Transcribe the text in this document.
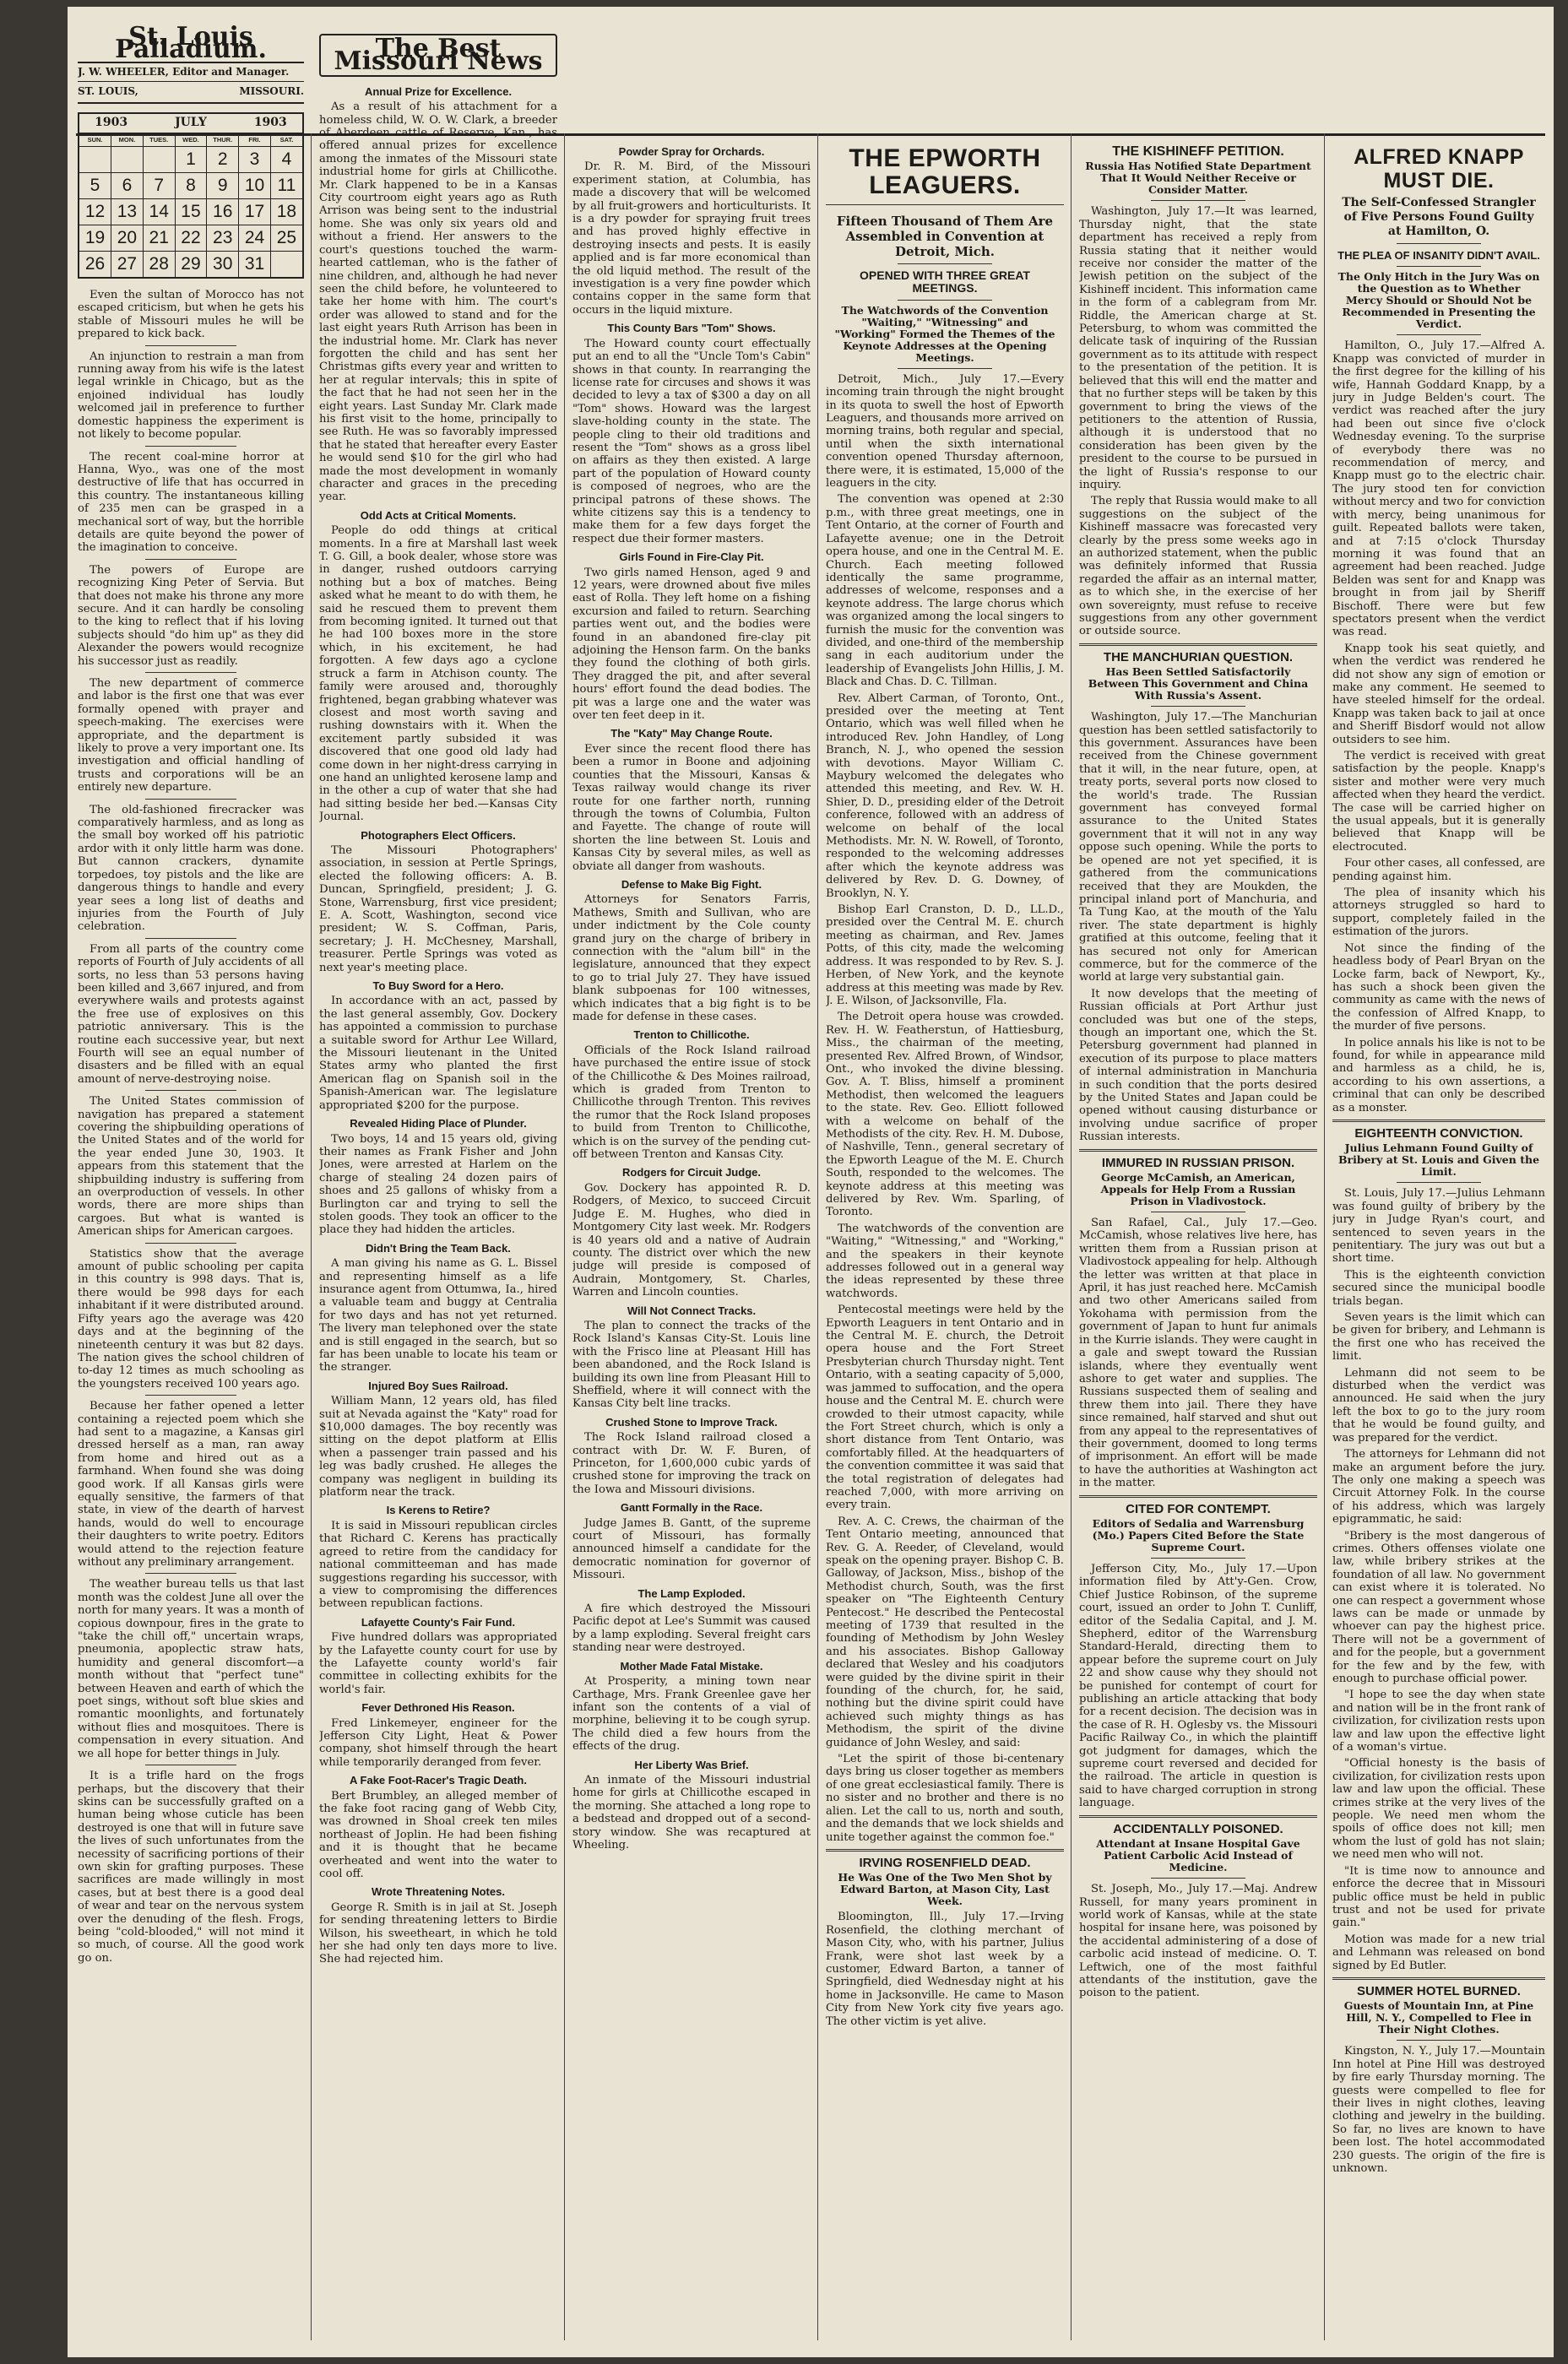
St. Louis Palladium.
J. W. WHEELER, Editor and Manager.
ST. LOUIS,	MISSOURI.
1903		JULY			1903	
SUN.	MON.	TUES.	WED.	THUR.	FRI.	SAT.
			1	2	3	4
5	6	7	8	9	10	11
12	13	14	15	16	17	18
19	20	21	22	23	24	25
26	27	28	29	30	31	

Even the sultan of Morocco has not escaped criticism, but when he gets his stable of Missouri mules he will be prepared to kick back.

An injunction to restrain a man from running away from his wife is the latest legal wrinkle in Chicago, but as the enjoined individual has loudly welcomed jail in preference to further domestic happiness the experiment is not likely to become popular.

The recent coal-mine horror at Hanna, Wyo., was one of the most destructive of life that has occurred in this country. The instantaneous killing of 235 men can be grasped in a mechanical sort of way, but the horrible details are quite beyond the power of the imagination to conceive.

The powers of Europe are recognizing King Peter of Servia. But that does not make his throne any more secure. And it can hardly be consoling to the king to reflect that if his loving subjects should "do him up" as they did Alexander the powers would recognize his successor just as readily.

The new department of commerce and labor is the first one that was ever formally opened with prayer and speech-making. The exercises were appropriate, and the department is likely to prove a very important one. Its investigation and official handling of trusts and corporations will be an entirely new departure.

The old-fashioned firecracker was comparatively harmless, and as long as the small boy worked off his patriotic ardor with it only little harm was done. But cannon crackers, dynamite torpedoes, toy pistols and the like are dangerous things to handle and every year sees a long list of deaths and injuries from the Fourth of July celebration.

From all parts of the country come reports of Fourth of July accidents of all sorts, no less than 53 persons having been killed and 3,667 injured, and from everywhere wails and protests against the free use of explosives on this patriotic anniversary. This is the routine each successive year, but next Fourth will see an equal number of disasters and be filled with an equal amount of nerve-destroying noise.

The United States commission of navigation has prepared a statement covering the shipbuilding operations of the United States and of the world for the year ended June 30, 1903. It appears from this statement that the shipbuilding industry is suffering from an overproduction of vessels. In other words, there are more ships than cargoes. But what is wanted is American ships for American cargoes.

Statistics show that the average amount of public schooling per capita in this country is 998 days. That is, there would be 998 days for each inhabitant if it were distributed around. Fifty years ago the average was 420 days and at the beginning of the nineteenth century it was but 82 days. The nation gives the school children of to-day 12 times as much schooling as the youngsters received 100 years ago.

Because her father opened a letter containing a rejected poem which she had sent to a magazine, a Kansas girl dressed herself as a man, ran away from home and hired out as a farmhand. When found she was doing good work. If all Kansas girls were equally sensitive, the farmers of that state, in view of the dearth of harvest hands, would do well to encourage their daughters to write poetry. Editors would attend to the rejection feature without any preliminary arrangement.

The weather bureau tells us that last month was the coldest June all over the north for many years. It was a month of copious downpour, fires in the grate to "take the chill off," uncertain wraps, pneumonia, apoplectic straw hats, humidity and general discomfort—a month without that "perfect tune" between Heaven and earth of which the poet sings, without soft blue skies and romantic moonlights, and fortunately without flies and mosquitoes. There is compensation in every situation. And we all hope for better things in July.

It is a trifle hard on the frogs perhaps, but the discovery that their skins can be successfully grafted on a human being whose cuticle has been destroyed is one that will in future save the lives of such unfortunates from the necessity of sacrificing portions of their own skin for grafting purposes. These sacrifices are made willingly in most cases, but at best there is a good deal of wear and tear on the nervous system over the denuding of the flesh. Frogs, being "cold-blooded," will not mind it so much, of course. All the good work go on.

The Best Missouri News
Annual Prize for Excellence.

As a result of his attachment for a homeless child, W. O. W. Clark, a breeder of Aberdeen cattle of Reserve, Kan., has offered annual prizes for excellence among the inmates of the Missouri state industrial home for girls at Chillicothe. Mr. Clark happened to be in a Kansas City courtroom eight years ago as Ruth Arrison was being sent to the industrial home. She was only six years old and without a friend. Her answers to the court's questions touched the warm-hearted cattleman, who is the father of nine children, and, although he had never seen the child before, he volunteered to take her home with him. The court's order was allowed to stand and for the last eight years Ruth Arrison has been in the industrial home. Mr. Clark has never forgotten the child and has sent her Christmas gifts every year and written to her at regular intervals; this in spite of the fact that he had not seen her in the eight years. Last Sunday Mr. Clark made his first visit to the home, principally to see Ruth. He was so favorably impressed that he stated that hereafter every Easter he would send $10 for the girl who had made the most development in womanly character and graces in the preceding year.

Odd Acts at Critical Moments.

People do odd things at critical moments. In a fire at Marshall last week T. G. Gill, a book dealer, whose store was in danger, rushed outdoors carrying nothing but a box of matches. Being asked what he meant to do with them, he said he rescued them to prevent them from becoming ignited. It turned out that he had 100 boxes more in the store which, in his excitement, he had forgotten. A few days ago a cyclone struck a farm in Atchison county. The family were aroused and, thoroughly frightened, began grabbing whatever was closest and most worth saving and rushing downstairs with it. When the excitement partly subsided it was discovered that one good old lady had come down in her night-dress carrying in one hand an unlighted kerosene lamp and in the other a cup of water that she had had sitting beside her bed.—Kansas City Journal.

Photographers Elect Officers.

The Missouri Photographers' association, in session at Pertle Springs, elected the following officers: A. B. Duncan, Springfield, president; J. G. Stone, Warrensburg, first vice president; E. A. Scott, Washington, second vice president; W. S. Coffman, Paris, secretary; J. H. McChesney, Marshall, treasurer. Pertle Springs was voted as next year's meeting place.

To Buy Sword for a Hero.

In accordance with an act, passed by the last general assembly, Gov. Dockery has appointed a commission to purchase a suitable sword for Arthur Lee Willard, the Missouri lieutenant in the United States army who planted the first American flag on Spanish soil in the Spanish-American war. The legislature appropriated $200 for the purpose.

Revealed Hiding Place of Plunder.

Two boys, 14 and 15 years old, giving their names as Frank Fisher and John Jones, were arrested at Harlem on the charge of stealing 24 dozen pairs of shoes and 25 gallons of whisky from a Burlington car and trying to sell the stolen goods. They took an officer to the place they had hidden the articles.

Didn't Bring the Team Back.

A man giving his name as G. L. Bissel and representing himself as a life insurance agent from Ottumwa, Ia., hired a valuable team and buggy at Centralia for two days and has not yet returned. The livery man telephoned over the state and is still engaged in the search, but so far has been unable to locate his team or the stranger.

Injured Boy Sues Railroad.

William Mann, 12 years old, has filed suit at Nevada against the "Katy" road for $10,000 damages. The boy recently was sitting on the depot platform at Ellis when a passenger train passed and his leg was badly crushed. He alleges the company was negligent in building its platform near the track.

Is Kerens to Retire?

It is said in Missouri republican circles that Richard C. Kerens has practically agreed to retire from the candidacy for national committeeman and has made suggestions regarding his successor, with a view to compromising the differences between republican factions.

Lafayette County's Fair Fund.

Five hundred dollars was appropriated by the Lafayette county court for use by the Lafayette county world's fair committee in collecting exhibits for the world's fair.

Fever Dethroned His Reason.

Fred Linkemeyer, engineer for the Jefferson City Light, Heat & Power company, shot himself through the heart while temporarily deranged from fever.

A Fake Foot-Racer's Tragic Death.

Bert Brumbley, an alleged member of the fake foot racing gang of Webb City, was drowned in Shoal creek ten miles northeast of Joplin. He had been fishing and it is thought that he became overheated and went into the water to cool off.

Wrote Threatening Notes.

George R. Smith is in jail at St. Joseph for sending threatening letters to Birdie Wilson, his sweetheart, in which he told her she had only ten days more to live. She had rejected him.

Powder Spray for Orchards.

Dr. R. M. Bird, of the Missouri experiment station, at Columbia, has made a discovery that will be welcomed by all fruit-growers and horticulturists. It is a dry powder for spraying fruit trees and has proved highly effective in destroying insects and pests. It is easily applied and is far more economical than the old liquid method. The result of the investigation is a very fine powder which contains copper in the same form that occurs in the liquid mixture.

This County Bars "Tom" Shows.

The Howard county court effectually put an end to all the "Uncle Tom's Cabin" shows in that county. In rearranging the license rate for circuses and shows it was decided to levy a tax of $300 a day on all "Tom" shows. Howard was the largest slave-holding county in the state. The people cling to their old traditions and resent the "Tom" shows as a gross libel on affairs as they then existed. A large part of the population of Howard county is composed of negroes, who are the principal patrons of these shows. The white citizens say this is a tendency to make them for a few days forget the respect due their former masters.

Girls Found in Fire-Clay Pit.

Two girls named Henson, aged 9 and 12 years, were drowned about five miles east of Rolla. They left home on a fishing excursion and failed to return. Searching parties went out, and the bodies were found in an abandoned fire-clay pit adjoining the Henson farm. On the banks they found the clothing of both girls. They dragged the pit, and after several hours' effort found the dead bodies. The pit was a large one and the water was over ten feet deep in it.

The "Katy" May Change Route.

Ever since the recent flood there has been a rumor in Boone and adjoining counties that the Missouri, Kansas & Texas railway would change its river route for one farther north, running through the towns of Columbia, Fulton and Fayette. The change of route will shorten the line between St. Louis and Kansas City by several miles, as well as obviate all danger from washouts.

Defense to Make Big Fight.

Attorneys for Senators Farris, Mathews, Smith and Sullivan, who are under indictment by the Cole county grand jury on the charge of bribery in connection with the "alum bill" in the legislature, announced that they expect to go to trial July 27. They have issued blank subpoenas for 100 witnesses, which indicates that a big fight is to be made for defense in these cases.

Trenton to Chillicothe.

Officials of the Rock Island railroad have purchased the entire issue of stock of the Chillicothe & Des Moines railroad, which is graded from Trenton to Chillicothe through Trenton. This revives the rumor that the Rock Island proposes to build from Trenton to Chillicothe, which is on the survey of the pending cut-off between Trenton and Kansas City.

Rodgers for Circuit Judge.

Gov. Dockery has appointed R. D. Rodgers, of Mexico, to succeed Circuit Judge E. M. Hughes, who died in Montgomery City last week. Mr. Rodgers is 40 years old and a native of Audrain county. The district over which the new judge will preside is composed of Audrain, Montgomery, St. Charles, Warren and Lincoln counties.

Will Not Connect Tracks.

The plan to connect the tracks of the Rock Island's Kansas City-St. Louis line with the Frisco line at Pleasant Hill has been abandoned, and the Rock Island is building its own line from Pleasant Hill to Sheffield, where it will connect with the Kansas City belt line tracks.

Crushed Stone to Improve Track.

The Rock Island railroad closed a contract with Dr. W. F. Buren, of Princeton, for 1,600,000 cubic yards of crushed stone for improving the track on the Iowa and Missouri divisions.

Gantt Formally in the Race.

Judge James B. Gantt, of the supreme court of Missouri, has formally announced himself a candidate for the democratic nomination for governor of Missouri.

The Lamp Exploded.

A fire which destroyed the Missouri Pacific depot at Lee's Summit was caused by a lamp exploding. Several freight cars standing near were destroyed.

Mother Made Fatal Mistake.

At Prosperity, a mining town near Carthage, Mrs. Frank Greenlee gave her infant son the contents of a vial of morphine, believing it to be cough syrup. The child died a few hours from the effects of the drug.

Her Liberty Was Brief.

An inmate of the Missouri industrial home for girls at Chillicothe escaped in the morning. She attached a long rope to a bedstead and dropped out of a second-story window. She was recaptured at Wheeling.

THE EPWORTH LEAGUERS.
Fifteen Thousand of Them Are Assembled in Convention at Detroit, Mich.
OPENED WITH THREE GREAT MEETINGS.
The Watchwords of the Convention "Waiting," "Witnessing" and "Working" Formed the Themes of the Keynote Addresses at the Opening Meetings.

Detroit, Mich., July 17.—Every incoming train through the night brought in its quota to swell the host of Epworth Leaguers, and thousands more arrived on morning trains, both regular and special, until when the sixth international convention opened Thursday afternoon, there were, it is estimated, 15,000 of the leaguers in the city.

The convention was opened at 2:30 p.m., with three great meetings, one in Tent Ontario, at the corner of Fourth and Lafayette avenue; one in the Detroit opera house, and one in the Central M. E. Church. Each meeting followed identically the same programme, addresses of welcome, responses and a keynote address. The large chorus which was organized among the local singers to furnish the music for the convention was divided, and one-third of the membership sang in each auditorium under the leadership of Evangelists John Hillis, J. M. Black and Chas. D. C. Tillman.

Rev. Albert Carman, of Toronto, Ont., presided over the meeting at Tent Ontario, which was well filled when he introduced Rev. John Handley, of Long Branch, N. J., who opened the session with devotions. Mayor William C. Maybury welcomed the delegates who attended this meeting, and Rev. W. H. Shier, D. D., presiding elder of the Detroit conference, followed with an address of welcome on behalf of the local Methodists. Mr. N. W. Rowell, of Toronto, responded to the welcoming addresses after which the keynote address was delivered by Rev. D. G. Downey, of Brooklyn, N. Y.

Bishop Earl Cranston, D. D., LL.D., presided over the Central M. E. church meeting as chairman, and Rev. James Potts, of this city, made the welcoming address. It was responded to by Rev. S. J. Herben, of New York, and the keynote address at this meeting was made by Rev. J. E. Wilson, of Jacksonville, Fla.

The Detroit opera house was crowded. Rev. H. W. Featherstun, of Hattiesburg, Miss., the chairman of the meeting, presented Rev. Alfred Brown, of Windsor, Ont., who invoked the divine blessing. Gov. A. T. Bliss, himself a prominent Methodist, then welcomed the leaguers to the state. Rev. Geo. Elliott followed with a welcome on behalf of the Methodists of the city. Rev. H. M. Dubose, of Nashville, Tenn., general secretary of the Epworth League of the M. E. Church South, responded to the welcomes. The keynote address at this meeting was delivered by Rev. Wm. Sparling, of Toronto.

The watchwords of the convention are "Waiting," "Witnessing," and "Working," and the speakers in their keynote addresses followed out in a general way the ideas represented by these three watchwords.

Pentecostal meetings were held by the Epworth Leaguers in tent Ontario and in the Central M. E. church, the Detroit opera house and the Fort Street Presbyterian church Thursday night. Tent Ontario, with a seating capacity of 5,000, was jammed to suffocation, and the opera house and the Central M. E. church were crowded to their utmost capacity, while the Fort Street church, which is only a short distance from Tent Ontario, was comfortably filled. At the headquarters of the convention committee it was said that the total registration of delegates had reached 7,000, with more arriving on every train.

Rev. A. C. Crews, the chairman of the Tent Ontario meeting, announced that Rev. G. A. Reeder, of Cleveland, would speak on the opening prayer. Bishop C. B. Galloway, of Jackson, Miss., bishop of the Methodist church, South, was the first speaker on "The Eighteenth Century Pentecost." He described the Pentecostal meeting of 1739 that resulted in the founding of Methodism by John Wesley and his associates. Bishop Galloway declared that Wesley and his coadjutors were guided by the divine spirit in their founding of the church, for, he said, nothing but the divine spirit could have achieved such mighty things as has Methodism, the spirit of the divine guidance of John Wesley, and said:

"Let the spirit of those bi-centenary days bring us closer together as members of one great ecclesiastical family. There is no sister and no brother and there is no alien. Let the call to us, north and south, and the demands that we lock shields and unite together against the common foe."

IRVING ROSENFIELD DEAD.
He Was One of the Two Men Shot by Edward Barton, at Mason City, Last Week.

Bloomington, Ill., July 17.—Irving Rosenfield, the clothing merchant of Mason City, who, with his partner, Julius Frank, were shot last week by a customer, Edward Barton, a tanner of Springfield, died Wednesday night at his home in Jacksonville. He came to Mason City from New York city five years ago. The other victim is yet alive.

THE KISHINEFF PETITION.
Russia Has Notified State Department That It Would Neither Receive or Consider Matter.

Washington, July 17.—It was learned, Thursday night, that the state department has received a reply from Russia stating that it neither would receive nor consider the matter of the Jewish petition on the subject of the Kishineff incident. This information came in the form of a cablegram from Mr. Riddle, the American charge at St. Petersburg, to whom was committed the delicate task of inquiring of the Russian government as to its attitude with respect to the presentation of the petition. It is believed that this will end the matter and that no further steps will be taken by this government to bring the views of the petitioners to the attention of Russia, although it is understood that no consideration has been given by the president to the course to be pursued in the light of Russia's response to our inquiry.

The reply that Russia would make to all suggestions on the subject of the Kishineff massacre was forecasted very clearly by the press some weeks ago in an authorized statement, when the public was definitely informed that Russia regarded the affair as an internal matter, as to which she, in the exercise of her own sovereignty, must refuse to receive suggestions from any other government or outside source.

THE MANCHURIAN QUESTION.
Has Been Settled Satisfactorily Between This Government and China With Russia's Assent.

Washington, July 17.—The Manchurian question has been settled satisfactorily to this government. Assurances have been received from the Chinese government that it will, in the near future, open, at treaty ports, several ports now closed to the world's trade. The Russian government has conveyed formal assurance to the United States government that it will not in any way oppose such opening. While the ports to be opened are not yet specified, it is gathered from the communications received that they are Moukden, the principal inland port of Manchuria, and Ta Tung Kao, at the mouth of the Yalu river. The state department is highly gratified at this outcome, feeling that it has secured not only for American commerce, but for the commerce of the world at large very substantial gain.

It now develops that the meeting of Russian officials at Port Arthur just concluded was but one of the steps, though an important one, which the St. Petersburg government had planned in execution of its purpose to place matters of internal administration in Manchuria in such condition that the ports desired by the United States and Japan could be opened without causing disturbance or involving undue sacrifice of proper Russian interests.

IMMURED IN RUSSIAN PRISON.
George McCamish, an American, Appeals for Help From a Russian Prison in Vladivostock.

San Rafael, Cal., July 17.—Geo. McCamish, whose relatives live here, has written them from a Russian prison at Vladivostock appealing for help. Although the letter was written at that place in April, it has just reached here. McCamish and two other Americans sailed from Yokohama with permission from the government of Japan to hunt fur animals in the Kurrie islands. They were caught in a gale and swept toward the Russian islands, where they eventually went ashore to get water and supplies. The Russians suspected them of sealing and threw them into jail. There they have since remained, half starved and shut out from any appeal to the representatives of their government, doomed to long terms of imprisonment. An effort will be made to have the authorities at Washington act in the matter.

CITED FOR CONTEMPT.
Editors of Sedalia and Warrensburg (Mo.) Papers Cited Before the State Supreme Court.

Jefferson City, Mo., July 17.—Upon information filed by Att'y-Gen. Crow, Chief Justice Robinson, of the supreme court, issued an order to John T. Cunliff, editor of the Sedalia Capital, and J. M. Shepherd, editor of the Warrensburg Standard-Herald, directing them to appear before the supreme court on July 22 and show cause why they should not be punished for contempt of court for publishing an article attacking that body for a recent decision. The decision was in the case of R. H. Oglesby vs. the Missouri Pacific Railway Co., in which the plaintiff got judgment for damages, which the supreme court reversed and decided for the railroad. The article in question is said to have charged corruption in strong language.

ACCIDENTALLY POISONED.
Attendant at Insane Hospital Gave Patient Carbolic Acid Instead of Medicine.

St. Joseph, Mo., July 17.—Maj. Andrew Russell, for many years prominent in world work of Kansas, while at the state hospital for insane here, was poisoned by the accidental administering of a dose of carbolic acid instead of medicine. O. T. Leftwich, one of the most faithful attendants of the institution, gave the poison to the patient.

ALFRED KNAPP MUST DIE.
The Self-Confessed Strangler of Five Persons Found Guilty at Hamilton, O.
THE PLEA OF INSANITY DIDN'T AVAIL.
The Only Hitch in the Jury Was on the Question as to Whether Mercy Should or Should Not be Recommended in Presenting the Verdict.

Hamilton, O., July 17.—Alfred A. Knapp was convicted of murder in the first degree for the killing of his wife, Hannah Goddard Knapp, by a jury in Judge Belden's court. The verdict was reached after the jury had been out since five o'clock Wednesday evening. To the surprise of everybody there was no recommendation of mercy, and Knapp must go to the electric chair. The jury stood ten for conviction without mercy and two for conviction with mercy, being unanimous for guilt. Repeated ballots were taken, and at 7:15 o'clock Thursday morning it was found that an agreement had been reached. Judge Belden was sent for and Knapp was brought in from jail by Sheriff Bischoff. There were but few spectators present when the verdict was read.

Knapp took his seat quietly, and when the verdict was rendered he did not show any sign of emotion or make any comment. He seemed to have steeled himself for the ordeal. Knapp was taken back to jail at once and Sheriff Bisdorf would not allow outsiders to see him.

The verdict is received with great satisfaction by the people. Knapp's sister and mother were very much affected when they heard the verdict. The case will be carried higher on the usual appeals, but it is generally believed that Knapp will be electrocuted.

Four other cases, all confessed, are pending against him.

The plea of insanity which his attorneys struggled so hard to support, completely failed in the estimation of the jurors.

Not since the finding of the headless body of Pearl Bryan on the Locke farm, back of Newport, Ky., has such a shock been given the community as came with the news of the confession of Alfred Knapp, to the murder of five persons.

In police annals his like is not to be found, for while in appearance mild and harmless as a child, he is, according to his own assertions, a criminal that can only be described as a monster.

EIGHTEENTH CONVICTION.
Julius Lehmann Found Guilty of Bribery at St. Louis and Given the Limit.

St. Louis, July 17.—Julius Lehmann was found guilty of bribery by the jury in Judge Ryan's court, and sentenced to seven years in the penitentiary. The jury was out but a short time.

This is the eighteenth conviction secured since the municipal boodle trials began.

Seven years is the limit which can be given for bribery, and Lehmann is the first one who has received the limit.

Lehmann did not seem to be disturbed when the verdict was announced. He said when the jury left the box to go to the jury room that he would be found guilty, and was prepared for the verdict.

The attorneys for Lehmann did not make an argument before the jury. The only one making a speech was Circuit Attorney Folk. In the course of his address, which was largely epigrammatic, he said:

"Bribery is the most dangerous of crimes. Others offenses violate one law, while bribery strikes at the foundation of all law. No government can exist where it is tolerated. No one can respect a government whose laws can be made or unmade by whoever can pay the highest price. There will not be a government of and for the people, but a government for the few and by the few, with enough to purchase official power.

"I hope to see the day when state and nation will be in the front rank of civilization, for civilization rests upon law and law upon the effective light of a woman's virtue.

"Official honesty is the basis of civilization, for civilization rests upon law and law upon the official. These crimes strike at the very lives of the people. We need men whom the spoils of office does not kill; men whom the lust of gold has not slain; we need men who will not.

"It is time now to announce and enforce the decree that in Missouri public office must be held in public trust and not be used for private gain."

Motion was made for a new trial and Lehmann was released on bond signed by Ed Butler.

SUMMER HOTEL BURNED.
Guests of Mountain Inn, at Pine Hill, N. Y., Compelled to Flee in Their Night Clothes.

Kingston, N. Y., July 17.—Mountain Inn hotel at Pine Hill was destroyed by fire early Thursday morning. The guests were compelled to flee for their lives in night clothes, leaving clothing and jewelry in the building. So far, no lives are known to have been lost. The hotel accommodated 230 guests. The origin of the fire is unknown.
